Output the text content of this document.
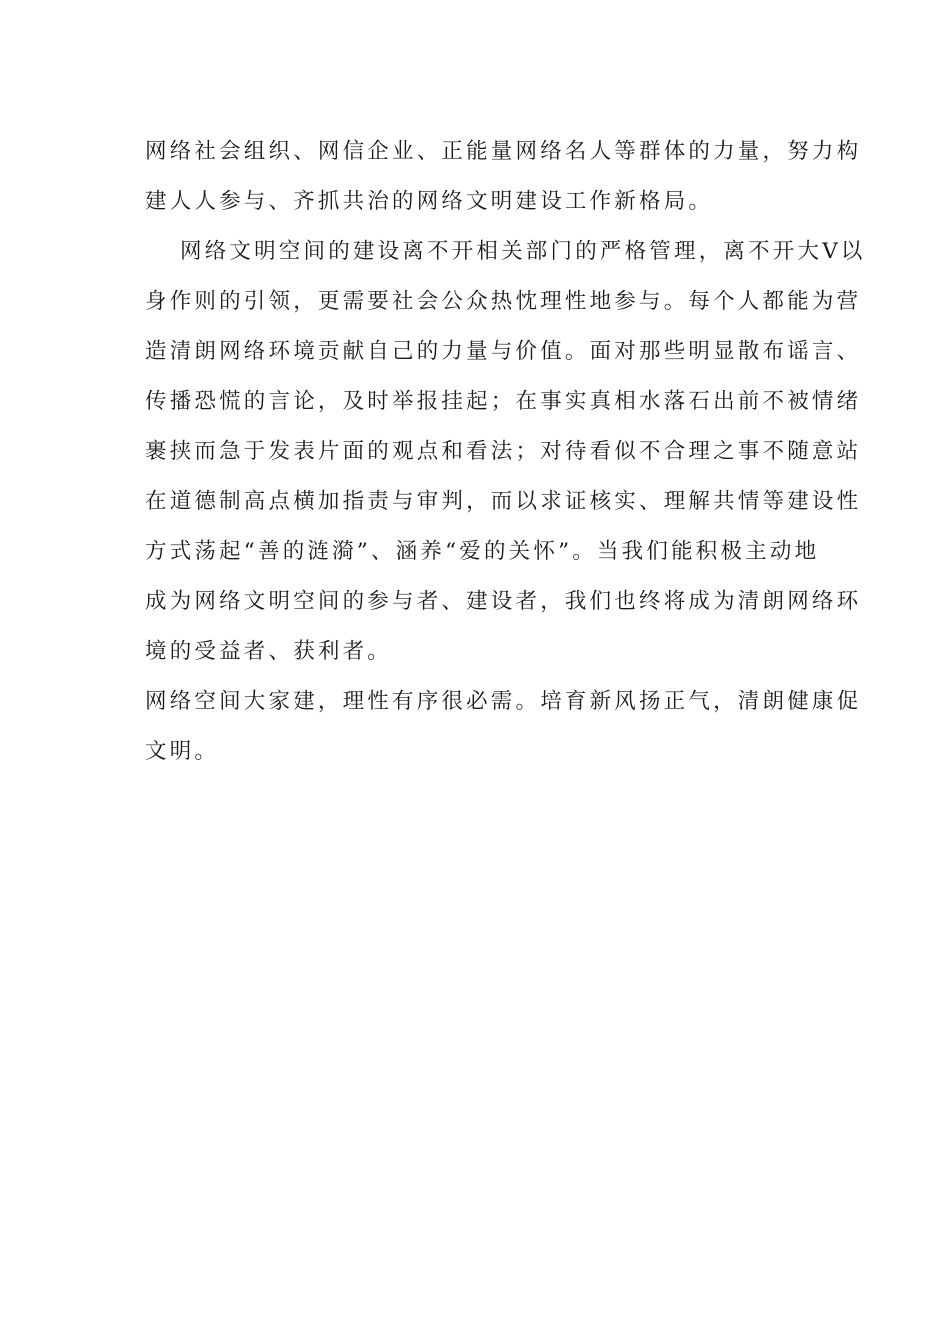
网络社会组织、网信企业、正能量网络名人等群体的力量，努力构
建人人参与、齐抓共治的网络文明建设工作新格局。
网络文明空间的建设离不开相关部门的严格管理，离不开大Ⅴ以
身作则的引领，更需要社会公众热忱理性地参与。每个人都能为营
造清朗网络环境贡献自己的力量与价值。面对那些明显散布谣言、
传播恐慌的言论，及时举报挂起；在事实真相水落石出前不被情绪
裹挟而急于发表片面的观点和看法；对待看似不合理之事不随意站
在道德制高点横加指责与审判，而以求证核实、理解共情等建设性
方式荡起“善的涟漪”、涵养“爱的关怀”。当我们能积极主动地
成为网络文明空间的参与者、建设者，我们也终将成为清朗网络环
境的受益者、获利者。
网络空间大家建，理性有序很必需。培育新风扬正气，清朗健康促
文明。
